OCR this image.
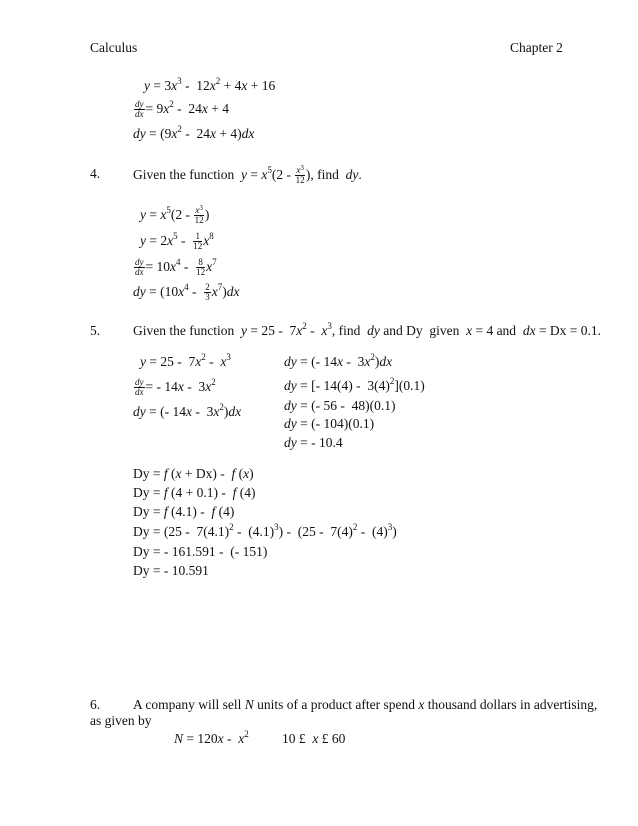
Calculus	Chapter 2
$y = 3x^3 - 12x^2 + 4x + 16$
$\frac{dy}{dx} = 9x^2 - 24x + 4$
dy = $(9x^2 - 24x + 4)dx$
4. Given the function  $y = x^5(2 - \frac{x^3}{12}$ ), find  dy.
$y = x^5(2 - \frac{x^3}{12}$ )
$y = 2x^5 - \frac{1}{12} x^8$
$\frac{dy}{dx} = 10x^4 - \frac{8}{12} x^7$
dy = $(10x^4 - \frac{2}{3} x^7)dx$
5. Given the function  $y = 25 - 7x^2 - x^3$, find  dy and Dy  given  x = 4 and  dx = Dx = 0.1.
$y = 25 - 7x^2 - x^3$
$\frac{dy}{dx}$ = - $14x - 3x^2$
dy = (- $14x - 3x^2)dx$
dy = (- $14x - 3x^2)dx$
dy = [- $14(4) - 3(4)^2](0.1)$
dy = (- 56 -  48)(0.1)
dy = (- 104)(0.1)
dy = - 10.4
Dy = f (x + Dx) -  f (x)
Dy = f (4 + 0.1) -  f (4)
Dy = f (4.1) -  f (4)
$Dy = (25 - 7(4.1)^2 - (4.1)^3) - (25 - 7(4)^2 - (4)^3)$
Dy = - 161.591 -  (- 151)
Dy = - 10.591
6. A company will sell N units of a product after spend x thousand dollars in advertising,
as given by
$N = 120x - x^2$ 10 £  x £ 60
